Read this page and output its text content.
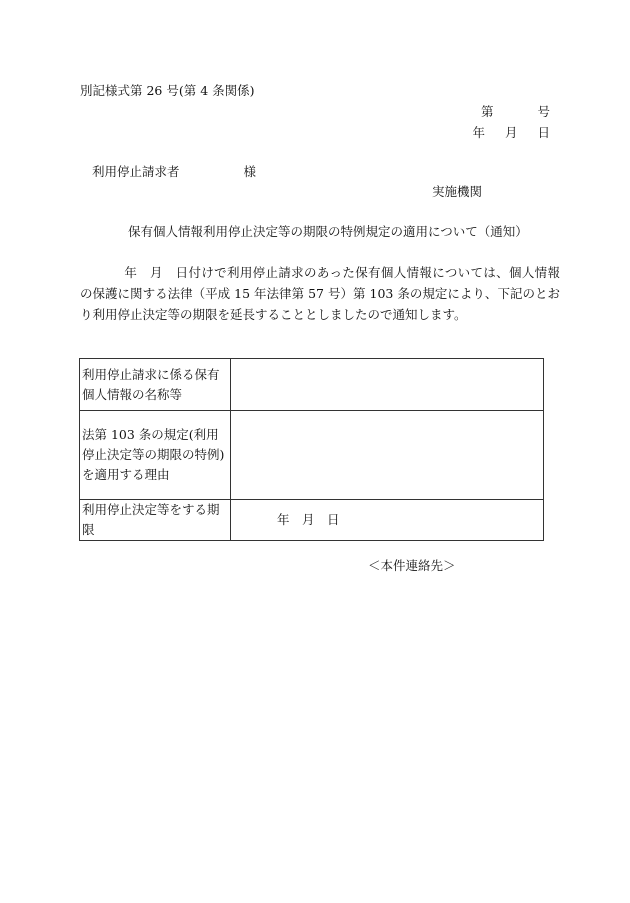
別記様式第 26 号(第 4 条関係)
第	号
年 月 日
利用停止請求者	様
実施機関
保有個人情報利用停止決定等の期限の特例規定の適用について（通知）
年　月　日付けで利用停止請求のあった保有個人情報については、個人情報の保護に関する法律（平成 15 年法律第 57 号）第 103 条の規定により、下記のとおり利用停止決定等の期限を延長することとしましたので通知します。
利用停止請求に係る保有個人情報の名称等	
法第 103 条の規定(利用停止決定等の期限の特例)を適用する理由	
利用停止決定等をする期限	年　月　日
＜本件連絡先＞
